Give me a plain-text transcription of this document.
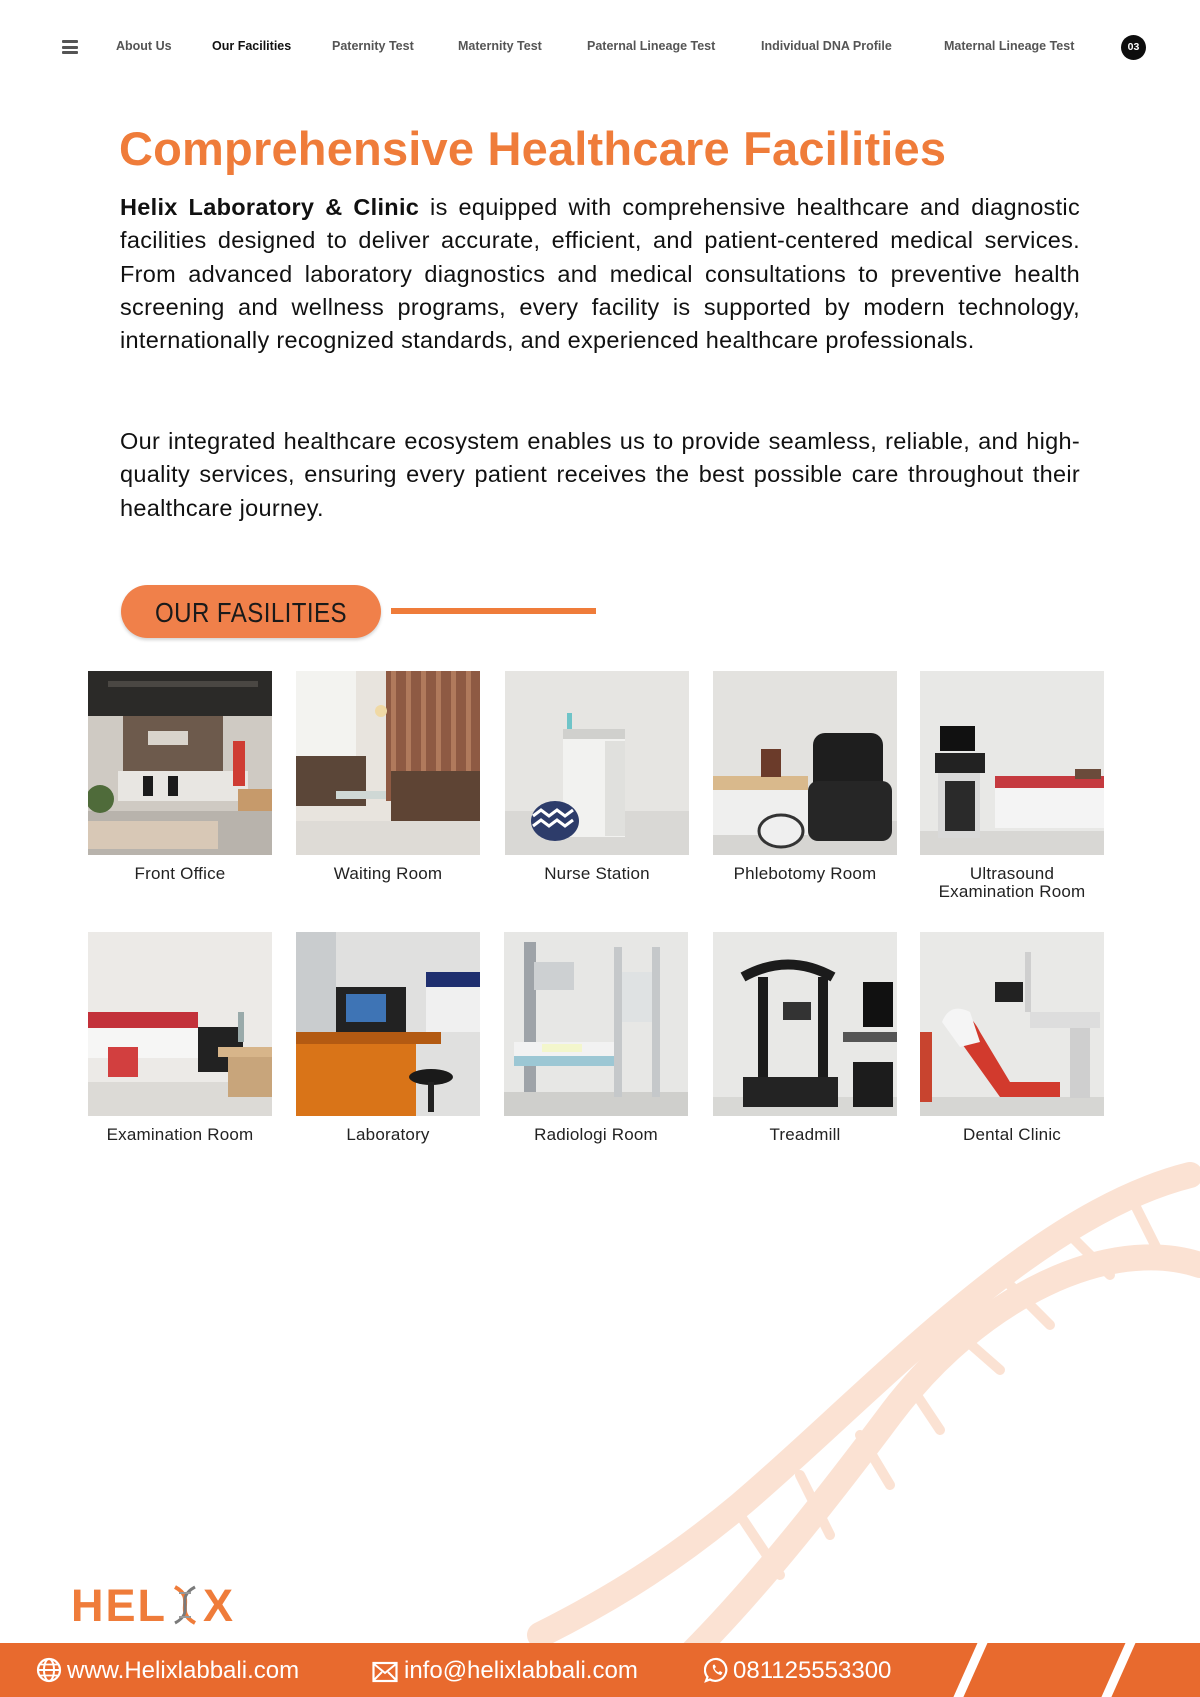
About Us	Our Facilities	Paternity Test	Maternity Test	Paternal Lineage Test	Individual DNA Profile	Maternal Lineage Test	03
Comprehensive Healthcare Facilities

Helix Laboratory & Clinic is equipped with comprehensive healthcare and diagnostic facilities designed to deliver accurate, efficient, and patient-centered medical services. From advanced laboratory diagnostics and medical consultations to preventive health screening and wellness programs, every facility is supported by modern technology, internationally recognized standards, and experienced healthcare professionals.

Our integrated healthcare ecosystem enables us to provide seamless, reliable, and high-quality services, ensuring every patient receives the best possible care throughout their healthcare journey.

OUR FASILITIES
Front Office	Waiting Room	Nurse Station	Phlebotomy Room	Ultrasound Examination Room
Examination Room	Laboratory	Radiologi Room	Treadmill	Dental Clinic
HEL X
www.Helixlabbali.com	info@helixlabbali.com	081125553300
